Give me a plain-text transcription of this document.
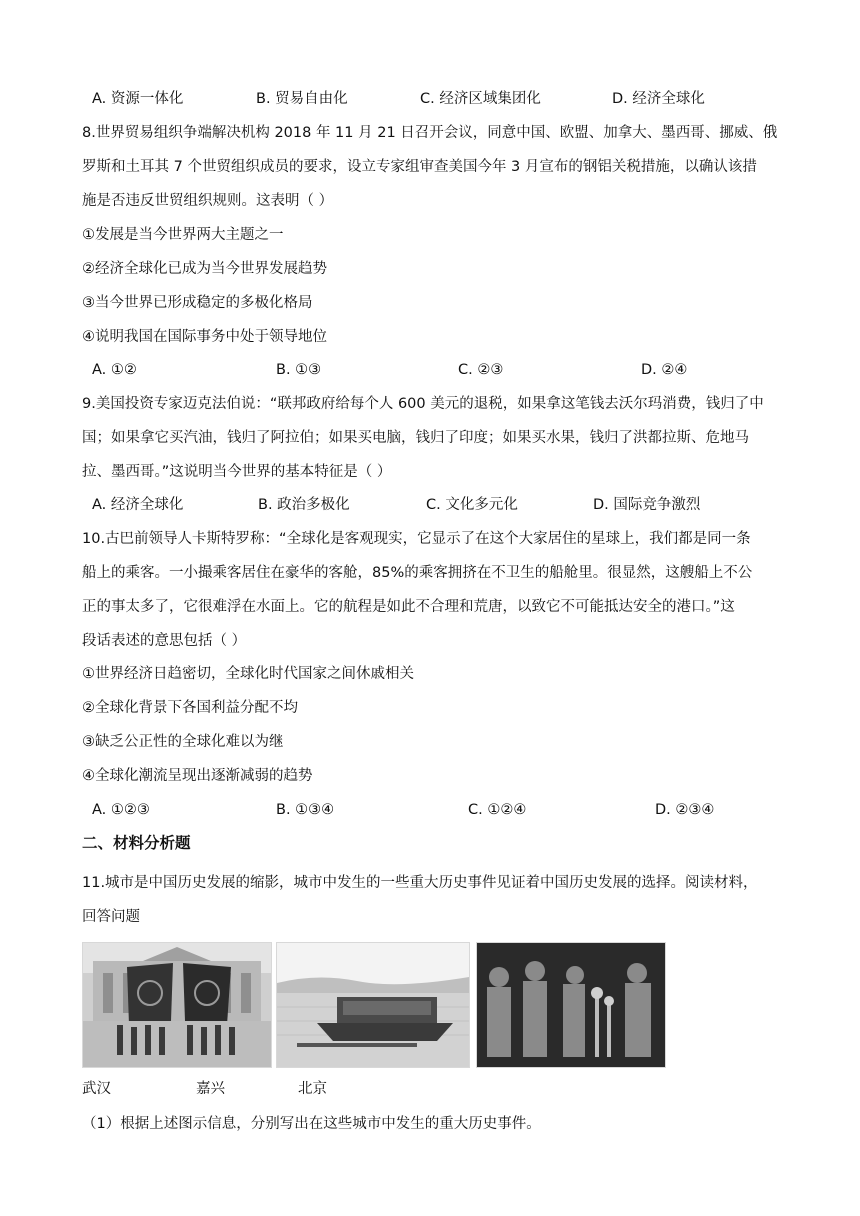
A. 资源一体化	B. 贸易自由化	C. 经济区域集团化	D. 经济全球化
8.世界贸易组织争端解决机构 2018 年 11 月 21 日召开会议，同意中国、欧盟、加拿大、墨西哥、挪威、俄
罗斯和土耳其 7 个世贸组织成员的要求，设立专家组审查美国今年 3 月宣布的钢铝关税措施，以确认该措
施是否违反世贸组织规则。这表明（ ）
①发展是当今世界两大主题之一
②经济全球化已成为当今世界发展趋势
③当今世界已形成稳定的多极化格局
④说明我国在国际事务中处于领导地位
A. ①②	B. ①③	C. ②③	D. ②④
9.美国投资专家迈克法伯说：“联邦政府给每个人 600 美元的退税，如果拿这笔钱去沃尔玛消费，钱归了中
国；如果拿它买汽油，钱归了阿拉伯；如果买电脑，钱归了印度；如果买水果，钱归了洪都拉斯、危地马
拉、墨西哥。”这说明当今世界的基本特征是（ ）
A. 经济全球化	B. 政治多极化	C. 文化多元化	D. 国际竞争激烈
10.古巴前领导人卡斯特罗称：“全球化是客观现实，它显示了在这个大家居住的星球上，我们都是同一条
船上的乘客。一小撮乘客居住在豪华的客舱，85%的乘客拥挤在不卫生的船舱里。很显然，这艘船上不公
正的事太多了，它很难浮在水面上。它的航程是如此不合理和荒唐，以致它不可能抵达安全的港口。”这
段话表述的意思包括（ ）
①世界经济日趋密切，全球化时代国家之间休戚相关
②全球化背景下各国利益分配不均
③缺乏公正性的全球化难以为继
④全球化潮流呈现出逐渐减弱的趋势
A. ①②③	B. ①③④	C. ①②④	D. ②③④
二、材料分析题
11.城市是中国历史发展的缩影，城市中发生的一些重大历史事件见证着中国历史发展的选择。阅读材料，
回答问题
武汉	嘉兴	北京
（1）根据上述图示信息，分别写出在这些城市中发生的重大历史事件。
